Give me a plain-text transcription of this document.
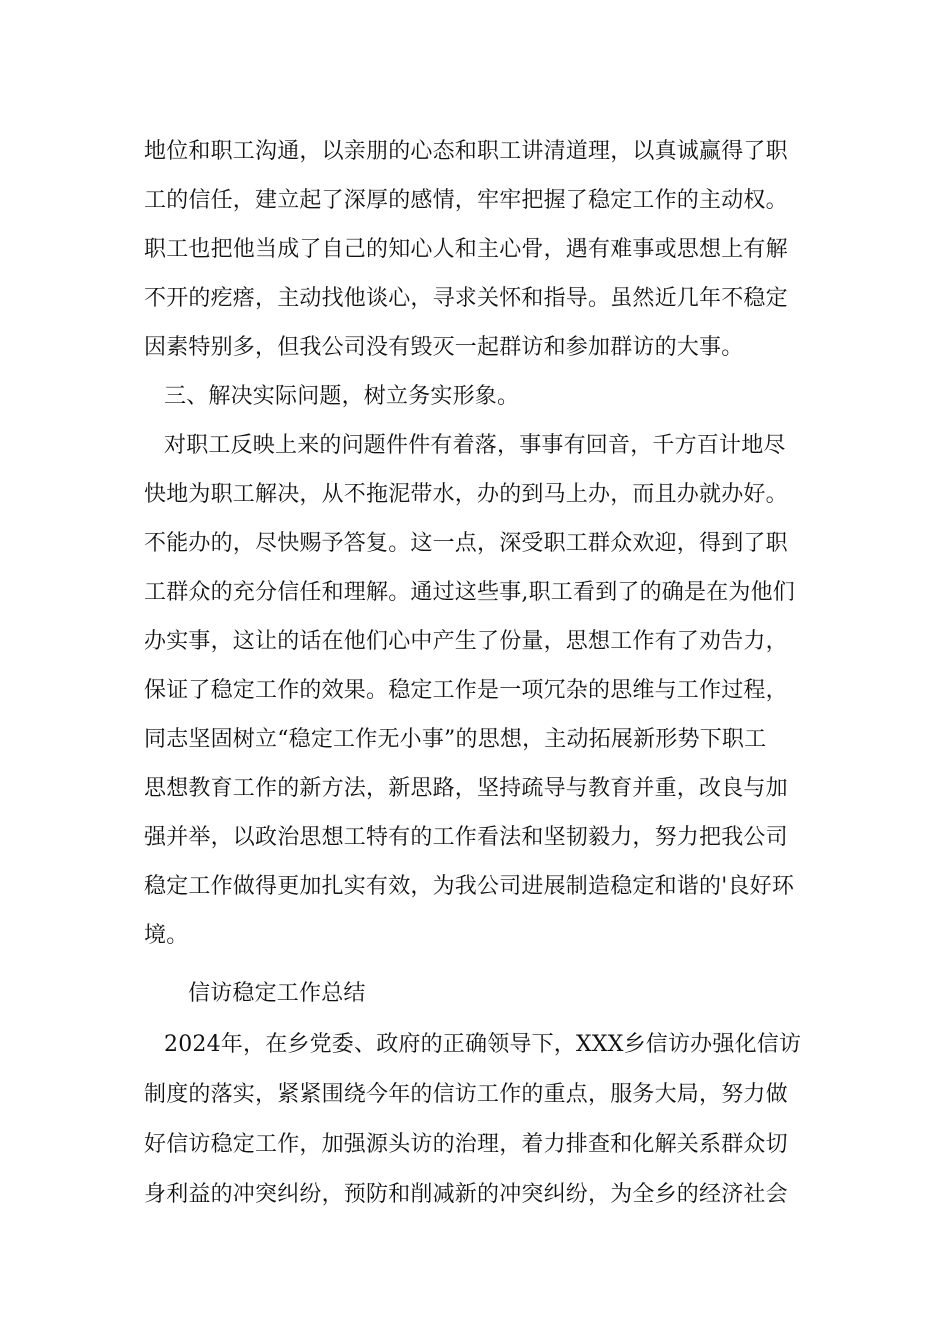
地位和职工沟通，以亲朋的心态和职工讲清道理，以真诚赢得了职
工的信任，建立起了深厚的感情，牢牢把握了稳定工作的主动权。
职工也把他当成了自己的知心人和主心骨，遇有难事或思想上有解
不开的疙瘩，主动找他谈心，寻求关怀和指导。虽然近几年不稳定
因素特别多，但我公司没有毁灭一起群访和参加群访的大事。
三、解决实际问题，树立务实形象。
对职工反映上来的问题件件有着落，事事有回音，千方百计地尽
快地为职工解决，从不拖泥带水，办的到马上办，而且办就办好。
不能办的，尽快赐予答复。这一点，深受职工群众欢迎，得到了职
工群众的充分信任和理解。通过这些事,职工看到了的确是在为他们
办实事，这让的话在他们心中产生了份量，思想工作有了劝告力，
保证了稳定工作的效果。稳定工作是一项冗杂的思维与工作过程，
同志坚固树立“稳定工作无小事”的思想，主动拓展新形势下职工
思想教育工作的新方法，新思路，坚持疏导与教育并重，改良与加
强并举，以政治思想工特有的工作看法和坚韧毅力，努力把我公司
稳定工作做得更加扎实有效，为我公司进展制造稳定和谐的'良好环
境。
信访稳定工作总结
2024年，在乡党委、政府的正确领导下，XXX乡信访办强化信访
制度的落实，紧紧围绕今年的信访工作的重点，服务大局，努力做
好信访稳定工作，加强源头访的治理，着力排查和化解关系群众切
身利益的冲突纠纷，预防和削减新的冲突纠纷，为全乡的经济社会
